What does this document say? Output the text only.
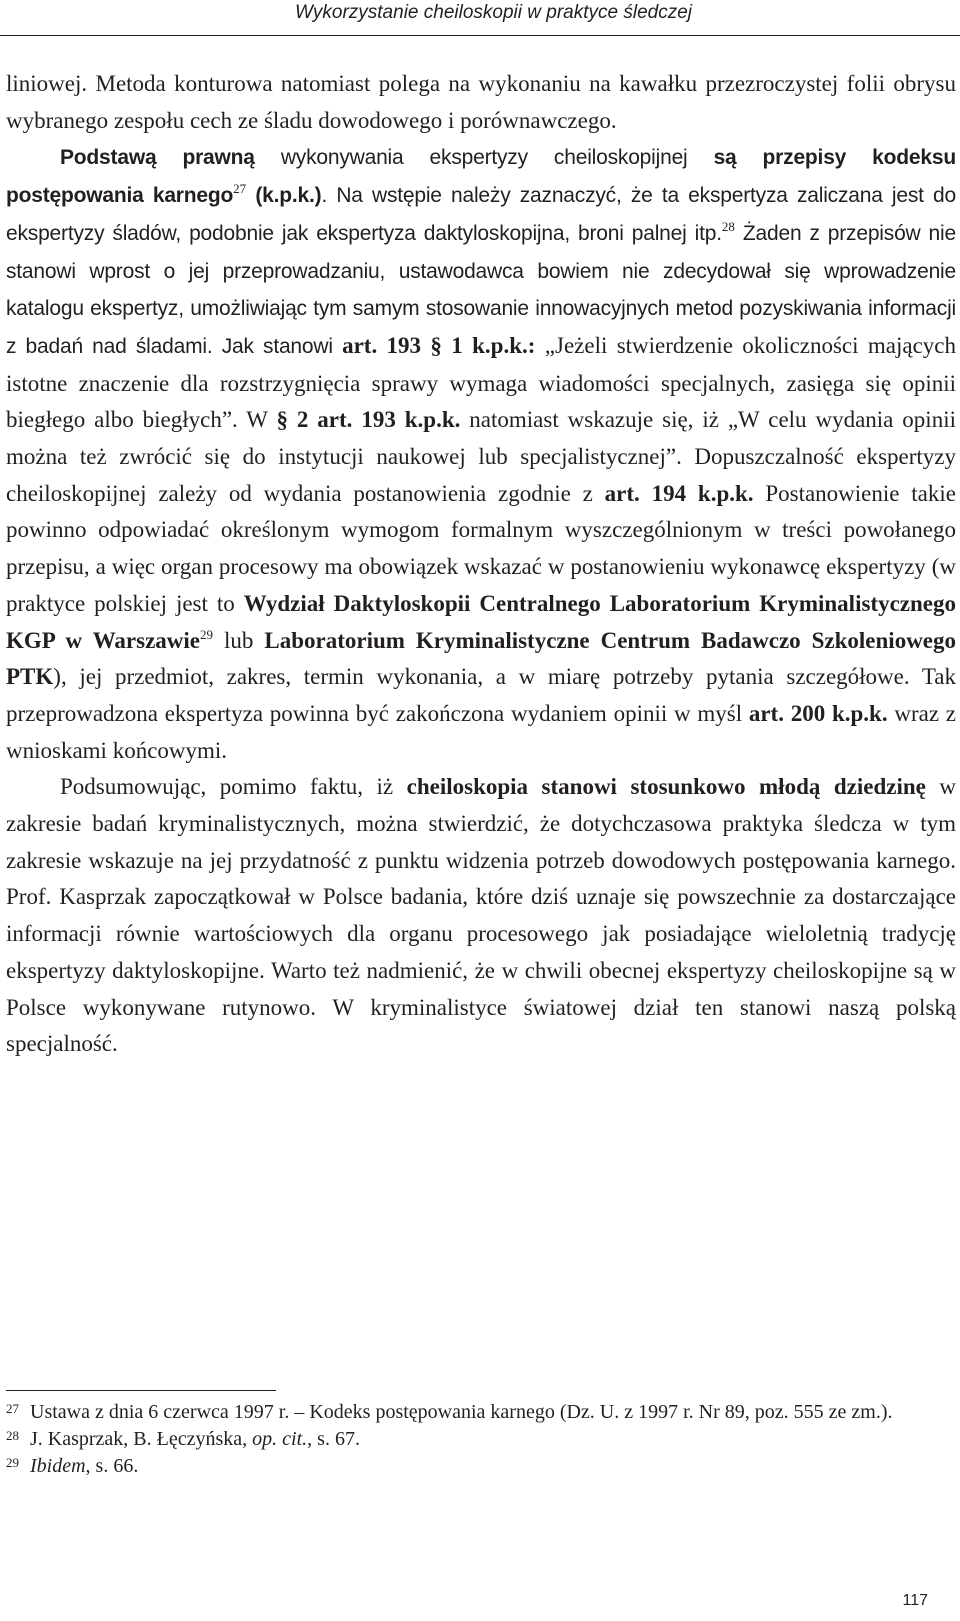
Wykorzystanie cheiloskopii w praktyce śledczej

liniowej. Metoda konturowa natomiast polega na wykonaniu na kawałku przezroczystej folii obrysu wybranego zespołu cech ze śladu dowodowego i porównawczego.

Podstawą prawną wykonywania ekspertyzy cheiloskopijnej są przepisy kodeksu postępowania karnego$^{27}$ (k.p.k.). Na wstępie należy zaznaczyć, że ta ekspertyza zaliczana jest do ekspertyzy śladów, podobnie jak ekspertyza daktyloskopijna, broni palnej itp.$^{28}$ Żaden z przepisów nie stanowi wprost o jej przeprowadzaniu, ustawodawca bowiem nie zdecydował się wprowadzenie katalogu ekspertyz, umożliwiając tym samym stosowanie innowacyjnych metod pozyskiwania informacji z badań nad śladami. Jak stanowi art. 193 § 1 k.p.k.: „Jeżeli stwierdzenie okoliczności mających istotne znaczenie dla rozstrzygnięcia sprawy wymaga wiadomości specjalnych, zasięga się opinii biegłego albo biegłych”. W § 2 art. 193 k.p.k. natomiast wskazuje się, iż „W celu wydania opinii można też zwrócić się do instytucji naukowej lub specjalistycznej”. Dopuszczalność ekspertyzy cheiloskopijnej zależy od wydania postanowienia zgodnie z art. 194 k.p.k. Postanowienie takie powinno odpowiadać określonym wymogom formalnym wyszczególnionym w treści powołanego przepisu, a więc organ procesowy ma obowiązek wskazać w postanowieniu wykonawcę ekspertyzy (w praktyce polskiej jest to Wydział Daktyloskopii Centralnego Laboratorium Kryminalistycznego KGP w Warszawie$^{29}$ lub Laboratorium Kryminalistyczne Centrum Badawczo Szkoleniowego PTK), jej przedmiot, zakres, termin wykonania, a w miarę potrzeby pytania szczegółowe. Tak przeprowadzona ekspertyza powinna być zakończona wydaniem opinii w myśl art. 200 k.p.k. wraz z wnioskami końcowymi.

Podsumowując, pomimo faktu, iż cheiloskopia stanowi stosunkowo młodą dziedzinę w zakresie badań kryminalistycznych, można stwierdzić, że dotychczasowa praktyka śledcza w tym zakresie wskazuje na jej przydatność z punktu widzenia potrzeb dowodowych postępowania karnego. Prof. Kasprzak zapoczątkował w Polsce badania, które dziś uznaje się powszechnie za dostarczające informacji równie wartościowych dla organu procesowego jak posiadające wieloletnią tradycję ekspertyzy daktyloskopijne. Warto też nadmienić, że w chwili obecnej ekspertyzy cheiloskopijne są w Polsce wykonywane rutynowo. W kryminalistyce światowej dział ten stanowi naszą polską specjalność.

27 Ustawa z dnia 6 czerwca 1997 r. – Kodeks postępowania karnego (Dz. U. z 1997 r. Nr 89, poz. 555 ze zm.).
28 J. Kasprzak, B. Łęczyńska, op. cit., s. 67.
29 Ibidem, s. 66.
117
